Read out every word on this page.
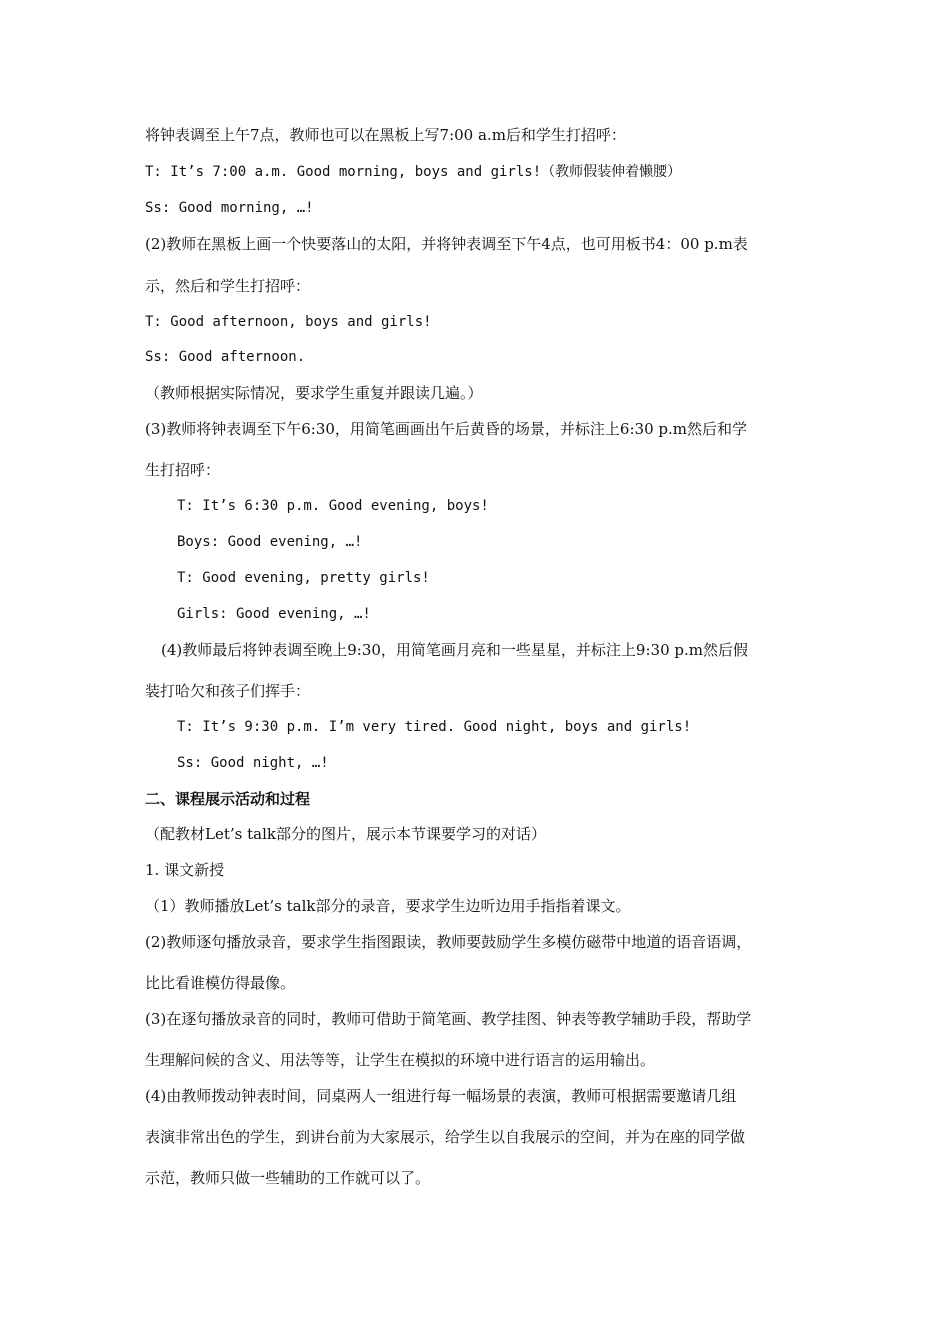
将钟表调至上午7点，教师也可以在黑板上写7:00 a.m后和学生打招呼：
T: It’s 7:00 a.m. Good morning, boys and girls!（教师假装伸着懒腰）
Ss: Good morning, …!
(2)教师在黑板上画一个快要落山的太阳，并将钟表调至下午4点，也可用板书4：00 p.m表
示，然后和学生打招呼：
T: Good afternoon, boys and girls!
Ss: Good afternoon.
（教师根据实际情况，要求学生重复并跟读几遍。）
(3)教师将钟表调至下午6:30，用简笔画画出午后黄昏的场景，并标注上6:30 p.m然后和学
生打招呼：
T: It’s 6:30 p.m. Good evening, boys!
Boys: Good evening, …!
T: Good evening, pretty girls!
Girls: Good evening, …!
(4)教师最后将钟表调至晚上9:30，用简笔画月亮和一些星星，并标注上9:30 p.m然后假
装打哈欠和孩子们挥手：
T: It’s 9:30 p.m. I’m very tired. Good night, boys and girls!
Ss: Good night, …!
二、课程展示活动和过程
（配教材Let’s talk部分的图片，展示本节课要学习的对话）
1. 课文新授
（1）教师播放Let’s talk部分的录音，要求学生边听边用手指指着课文。
(2)教师逐句播放录音，要求学生指图跟读，教师要鼓励学生多模仿磁带中地道的语音语调，
比比看谁模仿得最像。
(3)在逐句播放录音的同时，教师可借助于简笔画、教学挂图、钟表等教学辅助手段，帮助学
生理解问候的含义、用法等等，让学生在模拟的环境中进行语言的运用输出。
(4)由教师拨动钟表时间，同桌两人一组进行每一幅场景的表演，教师可根据需要邀请几组
表演非常出色的学生，到讲台前为大家展示，给学生以自我展示的空间，并为在座的同学做
示范，教师只做一些辅助的工作就可以了。
